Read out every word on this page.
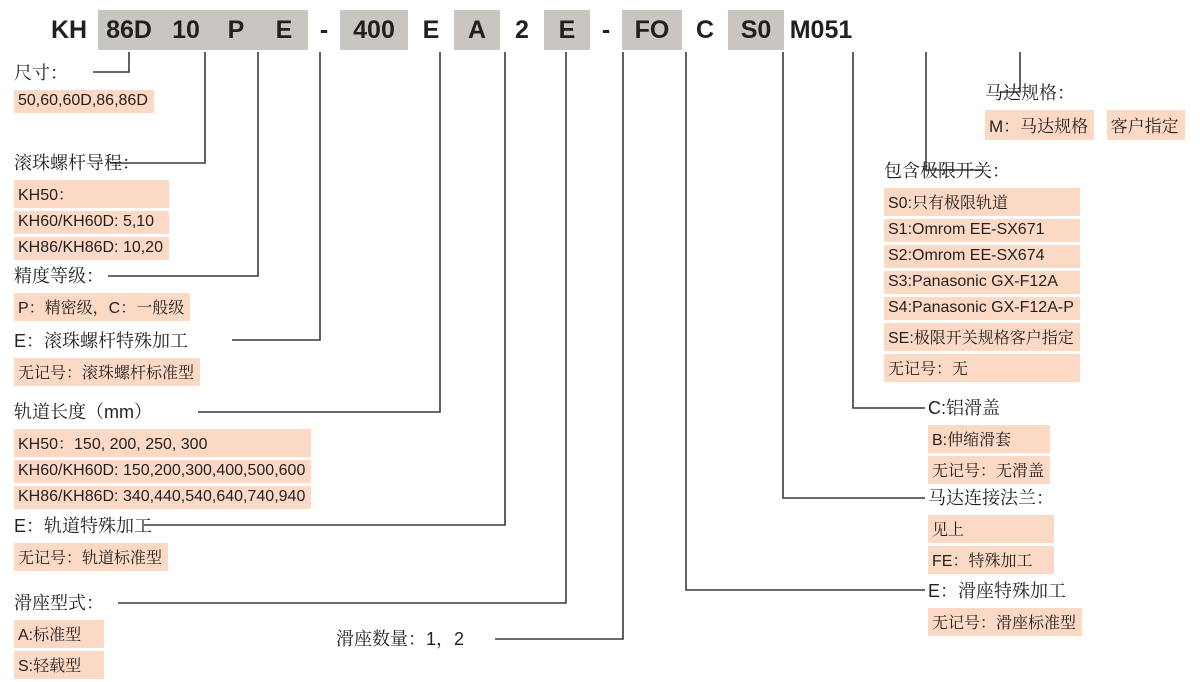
KH 86D 10	P	E	- 400	E	A	2	E	- FO	C	S0 M051
尺寸：
50,60,60D,86,86D
滚珠螺杆导程：
KH50：
KH60/KH60D: 5,10
KH86/KH86D: 10,20
精度等级：
P：精密级，C：一般级
E：滚珠螺杆特殊加工
无记号：滚珠螺杆标准型
轨道长度（mm）
KH50：150, 200, 250, 300
KH60/KH60D: 150,200,300,400,500,600
KH86/KH86D: 340,440,540,640,740,940
E：轨道特殊加工
无记号：轨道标准型
滑座型式：
A:标准型
S:轻载型
滑座数量：1，2
马达规格：
M：马达规格 客户指定
包含极限开关：
S0:只有极限轨道
S1:Omrom EE-SX671
S2:Omrom EE-SX674
S3:Panasonic GX-F12A
S4:Panasonic GX-F12A-P
SE:极限开关规格客户指定
无记号：无
C:铝滑盖
B:伸缩滑套
无记号：无滑盖
马达连接法兰：
见上
FE：特殊加工
E：滑座特殊加工
无记号：滑座标准型
